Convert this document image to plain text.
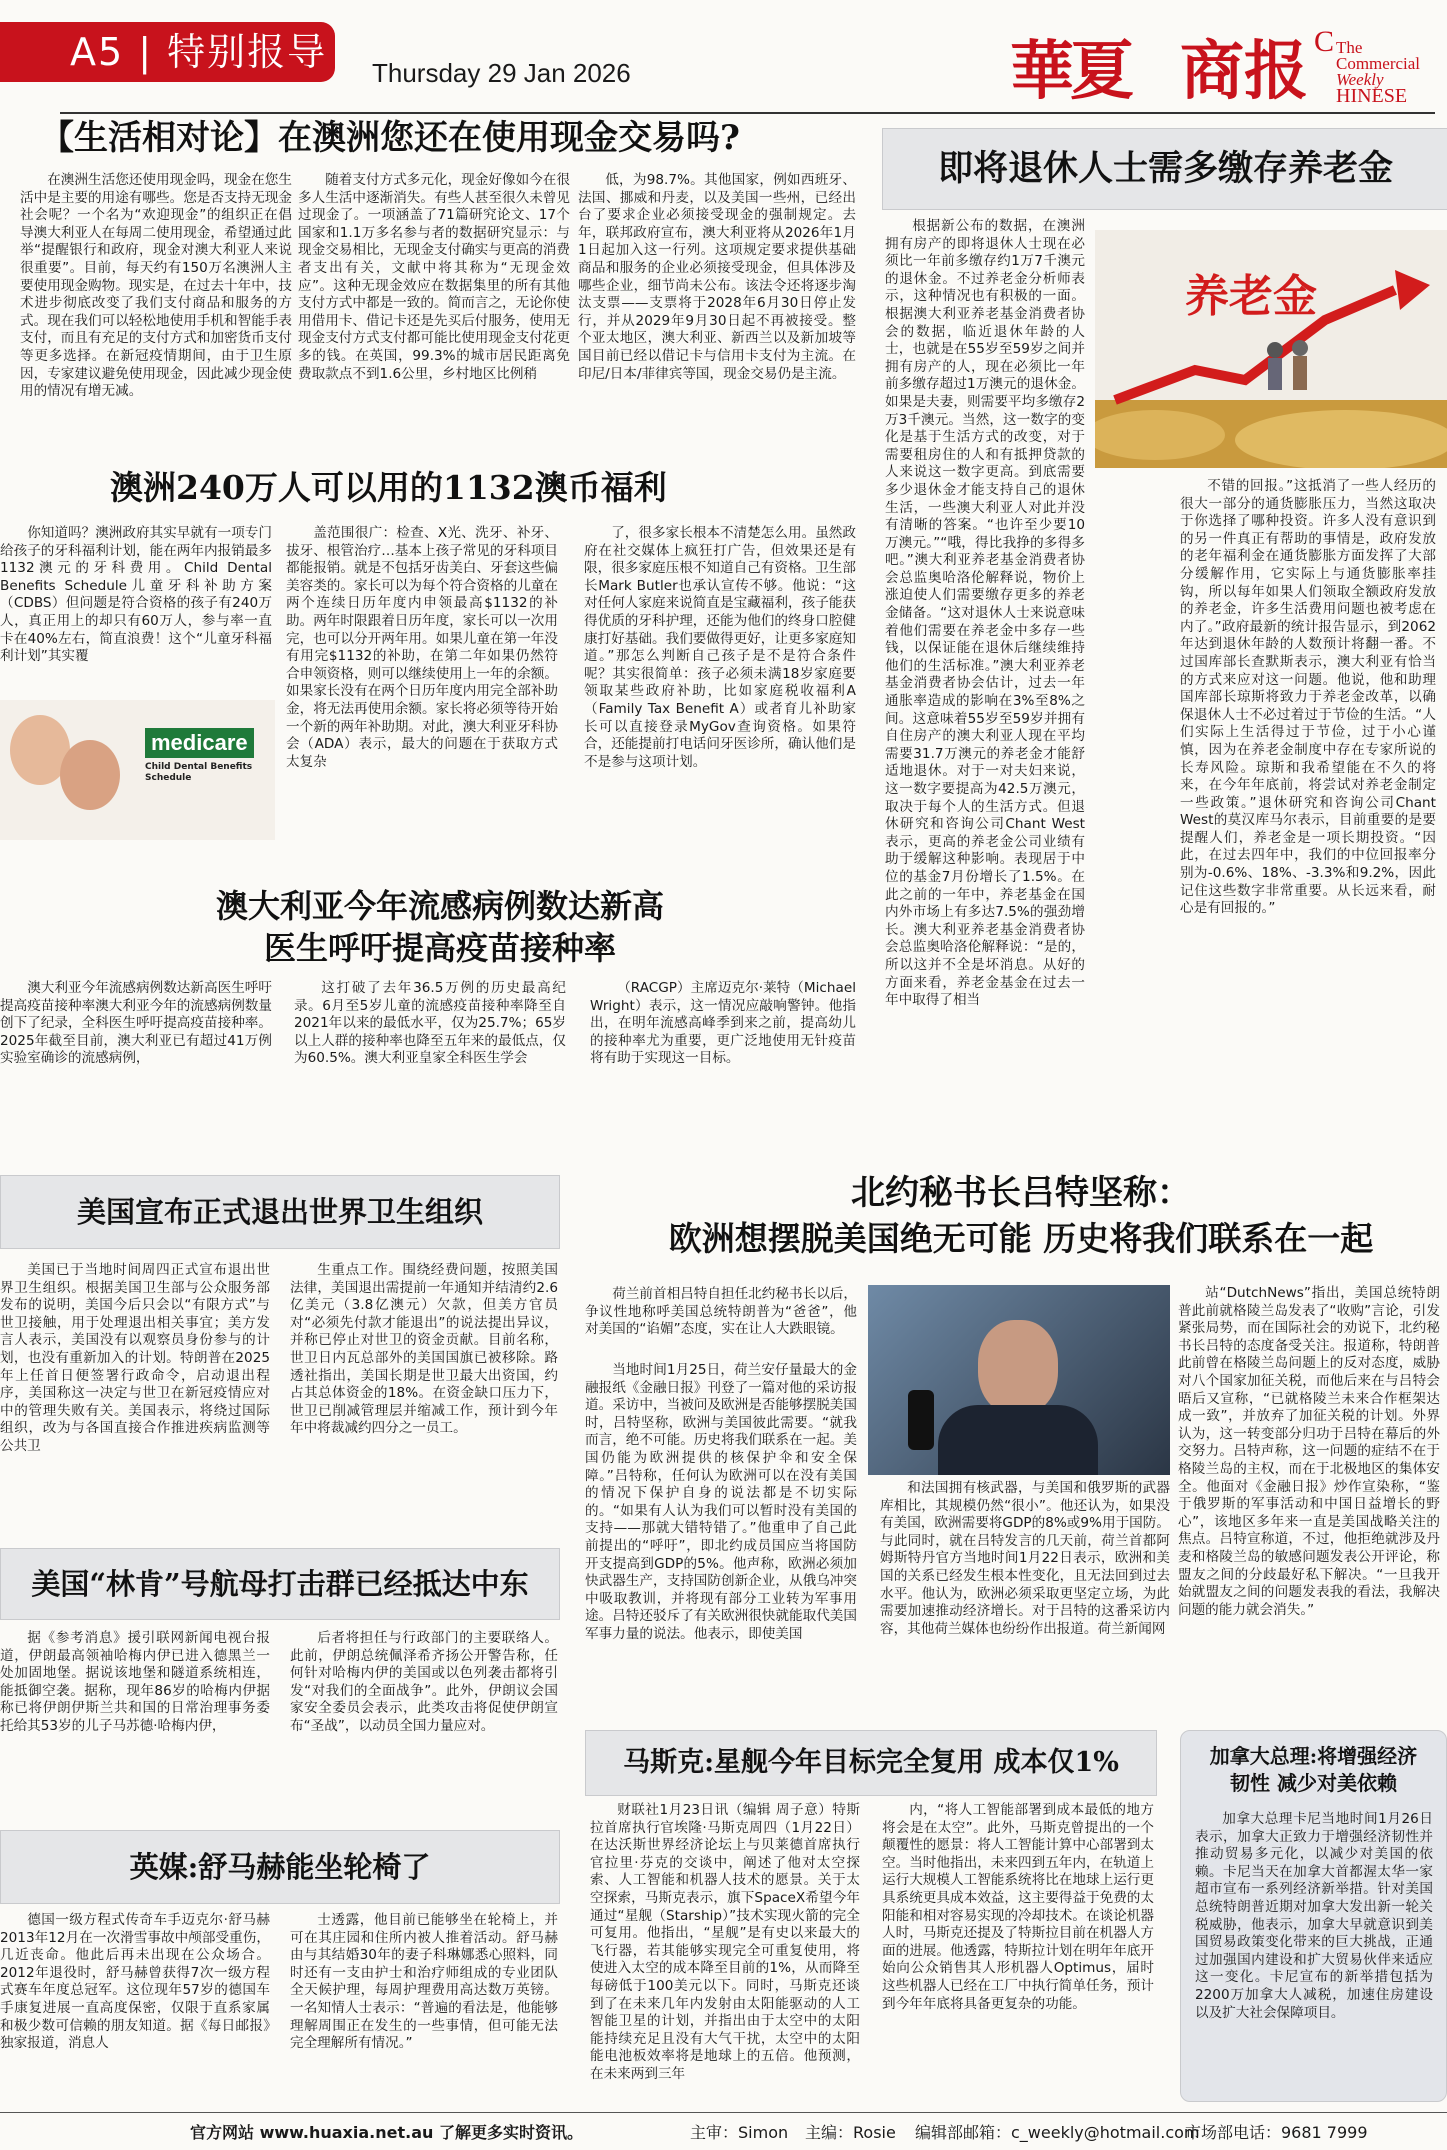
A5 | 特别报导	Thursday 29 Jan 2026	華夏 商报 C The Commercial
Weekly
HINESE
【生活相对论】在澳洲您还在使用现金交易吗?

在澳洲生活您还使用现金吗，现金在您生活中是主要的用途有哪些。您是否支持无现金社会呢？一个名为“欢迎现金”的组织正在倡导澳大利亚人在每周二使用现金，希望通过此举“提醒银行和政府，现金对澳大利亚人来说很重要”。目前，每天约有150万名澳洲人主要使用现金购物。现实是，在过去十年中，技术进步彻底改变了我们支付商品和服务的方式。现在我们可以轻松地使用手机和智能手表支付，而且有充足的支付方式和加密货币支付等更多选择。在新冠疫情期间，由于卫生原因，专家建议避免使用现金，因此减少现金使用的情况有增无减。

随着支付方式多元化，现金好像如今在很多人生活中逐渐消失。有些人甚至很久未曾见过现金了。一项涵盖了71篇研究论文、17个国家和1.1万多名参与者的数据研究显示：与现金交易相比，无现金支付确实与更高的消费者支出有关，文献中将其称为“无现金效应”。这种无现金效应在数据集里的所有其他支付方式中都是一致的。简而言之，无论你使用借用卡、借记卡还是先买后付服务，使用无现金支付方式支付都可能比使用现金支付花更多的钱。在英国，99.3%的城市居民距离免费取款点不到1.6公里，乡村地区比例稍

低，为98.7%。其他国家，例如西班牙、法国、挪威和丹麦，以及美国一些州，已经出台了要求企业必须接受现金的强制规定。去年，联邦政府宣布，澳大利亚将从2026年1月1日起加入这一行列。这项规定要求提供基础商品和服务的企业必须接受现金，但具体涉及哪些企业，细节尚未公布。该法令还将逐步淘汰支票——支票将于2028年6月30日停止发行，并从2029年9月30日起不再被接受。整个亚太地区，澳大利亚、新西兰以及新加坡等国目前已经以借记卡与信用卡支付为主流。在印尼/日本/菲律宾等国，现金交易仍是主流。

即将退休人士需多缴存养老金
养老金

根据新公布的数据，在澳洲拥有房产的即将退休人士现在必须比一年前多缴存约1万7千澳元的退休金。不过养老金分析师表示，这种情况也有积极的一面。根据澳大利亚养老基金消费者协会的数据，临近退休年龄的人士，也就是在55岁至59岁之间并拥有房产的人，现在必须比一年前多缴存超过1万澳元的退休金。如果是夫妻，则需要平均多缴存2万3千澳元。当然，这一数字的变化是基于生活方式的改变，对于需要租房住的人和有抵押贷款的人来说这一数字更高。到底需要多少退休金才能支持自己的退休生活，一些澳大利亚人对此并没有清晰的答案。“也许至少要10万澳元。”“哦，得比我挣的多得多吧。”澳大利亚养老基金消费者协会总监奥哈洛伦解释说，物价上涨迫使人们需要缴存更多的养老金储备。“这对退休人士来说意味着他们需要在养老金中多存一些钱，以保证能在退休后继续维持他们的生活标准。”澳大利亚养老基金消费者协会估计，过去一年通胀率造成的影响在3%至8%之间。这意味着55岁至59岁并拥有自住房产的澳大利亚人现在平均需要31.7万澳元的养老金才能舒适地退休。对于一对夫妇来说，这一数字要提高为42.5万澳元，取决于每个人的生活方式。但退休研究和咨询公司Chant West表示，更高的养老金公司业绩有助于缓解这种影响。表现居于中位的基金7月份增长了1.5%。在此之前的一年中，养老基金在国内外市场上有多达7.5%的强劲增长。澳大利亚养老基金消费者协会总监奥哈洛伦解释说：“是的，所以这并不全是坏消息。从好的方面来看，养老金基金在过去一年中取得了相当

不错的回报。”这抵消了一些人经历的很大一部分的通货膨胀压力，当然这取决于你选择了哪种投资。许多人没有意识到的另一件真正有帮助的事情是，政府发放的老年福利金在通货膨胀方面发挥了大部分缓解作用，它实际上与通货膨胀率挂钩，所以每年如果人们领取全额政府发放的养老金，许多生活费用问题也被考虑在内了。”政府最新的统计报告显示，到2062年达到退休年龄的人数预计将翻一番。不过国库部长查默斯表示，澳大利亚有恰当的方式来应对这一问题。他说，他和助理国库部长琼斯将致力于养老金改革，以确保退休人士不必过着过于节俭的生活。“人们实际上生活得过于节俭，过于小心谨慎，因为在养老金制度中存在专家所说的长寿风险。琼斯和我希望能在不久的将来，在今年年底前，将尝试对养老金制定一些政策。”退休研究和咨询公司Chant West的莫汉库马尔表示，目前重要的是要提醒人们，养老金是一项长期投资。“因此，在过去四年中，我们的中位回报率分别为-0.6%、18%、-3.3%和9.2%，因此记住这些数字非常重要。从长远来看，耐心是有回报的。”

澳洲240万人可以用的1132澳币福利

你知道吗？澳洲政府其实早就有一项专门给孩子的牙科福利计划，能在两年内报销最多1132澳元的牙科费用。Child Dental Benefits Schedule儿童牙科补助方案（CDBS）但问题是符合资格的孩子有240万人，真正用上的却只有60万人，参与率一直卡在40%左右，简直浪费！这个“儿童牙科福利计划”其实覆

medicare
Child Dental Benefits Schedule

盖范围很广：检查、X光、洗牙、补牙、拔牙、根管治疗…基本上孩子常见的牙科项目都能报销。就是不包括牙齿美白、牙套这些偏美容类的。家长可以为每个符合资格的儿童在两个连续日历年度内申领最高$1132的补助。两年时限跟着日历年度，家长可以一次用完，也可以分开两年用。如果儿童在第一年没有用完$1132的补助，在第二年如果仍然符合申领资格，则可以继续使用上一年的余额。如果家长没有在两个日历年度内用完全部补助金，将无法再使用余额。家长将必须等待开始一个新的两年补助期。对此，澳大利亚牙科协会（ADA）表示，最大的问题在于获取方式太复杂

了，很多家长根本不清楚怎么用。虽然政府在社交媒体上疯狂打广告，但效果还是有限，很多家庭压根不知道自己有资格。卫生部长Mark Butler也承认宣传不够。他说：“这对任何人家庭来说简直是宝藏福利，孩子能获得优质的牙科护理，还能为他们的终身口腔健康打好基础。我们要做得更好，让更多家庭知道。”那怎么判断自己孩子是不是符合条件呢？其实很简单：孩子必须未满18岁家庭要领取某些政府补助，比如家庭税收福利A（Family Tax Benefit A）或者育儿补助家长可以直接登录MyGov查询资格。如果符合，还能提前打电话问牙医诊所，确认他们是不是参与这项计划。

澳大利亚今年流感病例数达新高
医生呼吁提高疫苗接种率

澳大利亚今年流感病例数达新高医生呼吁提高疫苗接种率澳大利亚今年的流感病例数量创下了纪录，全科医生呼吁提高疫苗接种率。2025年截至目前，澳大利亚已有超过41万例实验室确诊的流感病例，

这打破了去年36.5万例的历史最高纪录。6月至5岁儿童的流感疫苗接种率降至自2021年以来的最低水平，仅为25.7%；65岁以上人群的接种率也降至五年来的最低点，仅为60.5%。澳大利亚皇家全科医生学会

（RACGP）主席迈克尔·莱特（Michael Wright）表示，这一情况应敲响警钟。他指出，在明年流感高峰季到来之前，提高幼儿的接种率尤为重要，更广泛地使用无针疫苗将有助于实现这一目标。

美国宣布正式退出世界卫生组织

美国已于当地时间周四正式宣布退出世界卫生组织。根据美国卫生部与公众服务部发布的说明，美国今后只会以“有限方式”与世卫接触，用于处理退出相关事宜；美方发言人表示，美国没有以观察员身份参与的计划，也没有重新加入的计划。特朗普在2025年上任首日便签署行政命令，启动退出程序，美国称这一决定与世卫在新冠疫情应对中的管理失败有关。美国表示，将绕过国际组织，改为与各国直接合作推进疾病监测等公共卫

生重点工作。围绕经费问题，按照美国法律，美国退出需提前一年通知并结清约2.6亿美元（3.8亿澳元）欠款，但美方官员对“必须先付款才能退出”的说法提出异议，并称已停止对世卫的资金贡献。目前名称，世卫日内瓦总部外的美国国旗已被移除。路透社指出，美国长期是世卫最大出资国，约占其总体资金的18%。在资金缺口压力下，世卫已削减管理层并缩减工作，预计到今年年中将裁减约四分之一员工。

美国“林肯”号航母打击群已经抵达中东

据《参考消息》援引联网新闻电视台报道，伊朗最高领袖哈梅内伊已进入德黑兰一处加固地堡。据说该地堡和隧道系统相连，能抵御空袭。据称，现年86岁的哈梅内伊据称已将伊朗伊斯兰共和国的日常治理事务委托给其53岁的儿子马苏德·哈梅内伊，

后者将担任与行政部门的主要联络人。此前，伊朗总统佩泽希齐扬公开警告称，任何针对哈梅内伊的美国或以色列袭击都将引发“对我们的全面战争”。此外，伊朗议会国家安全委员会表示，此类攻击将促使伊朗宣布“圣战”，以动员全国力量应对。

英媒:舒马赫能坐轮椅了

德国一级方程式传奇车手迈克尔·舒马赫2013年12月在一次滑雪事故中颅部受重伤，几近丧命。他此后再未出现在公众场合。2012年退役时，舒马赫曾获得7次一级方程式赛车年度总冠军。这位现年57岁的德国车手康复进展一直高度保密，仅限于直系家属和极少数可信赖的朋友知道。据《每日邮报》独家报道，消息人

士透露，他目前已能够坐在轮椅上，并可在其庄园和住所内被人推着活动。舒马赫由与其结婚30年的妻子科琳娜悉心照料，同时还有一支由护士和治疗师组成的专业团队全天候护理，每周护理费用高达数万英镑。一名知情人士表示：“普遍的看法是，他能够理解周围正在发生的一些事情，但可能无法完全理解所有情况。”

北约秘书长吕特坚称：
欧洲想摆脱美国绝无可能 历史将我们联系在一起

荷兰前首相吕特自担任北约秘书长以后，争议性地称呼美国总统特朗普为“爸爸”，他对美国的“谄媚”态度，实在让人大跌眼镜。

当地时间1月25日，荷兰安仔量最大的金融报纸《金融日报》刊登了一篇对他的采访报道。采访中，当被问及欧洲是否能够摆脱美国时，吕特坚称，欧洲与美国彼此需要。“就我而言，绝不可能。历史将我们联系在一起。美国仍能为欧洲提供的核保护伞和安全保障。”吕特称，任何认为欧洲可以在没有美国的情况下保护自身的说法都是不切实际的。“如果有人认为我们可以暂时没有美国的支持——那就大错特错了。”他重申了自己此前提出的“呼吁”，即北约成员国应当将国防开支提高到GDP的5%。他声称，欧洲必须加快武器生产，支持国防创新企业，从俄乌冲突中吸取教训，并将现有部分工业转为军事用途。吕特还驳斥了有关欧洲很快就能取代美国军事力量的说法。他表示，即使美国

和法国拥有核武器，与美国和俄罗斯的武器库相比，其规模仍然“很小”。他还认为，如果没有美国，欧洲需要将GDP的8%或9%用于国防。与此同时，就在吕特发言的几天前，荷兰首都阿姆斯特丹官方当地时间1月22日表示，欧洲和美国的关系已经发生根本性变化，且无法回到过去水平。他认为，欧洲必须采取更坚定立场，为此需要加速推动经济增长。对于吕特的这番采访内容，其他荷兰媒体也纷纷作出报道。荷兰新闻网

站“DutchNews”指出，美国总统特朗普此前就格陵兰岛发表了“收购”言论，引发紧张局势，而在国际社会的劝说下，北约秘书长吕特的态度备受关注。报道称，特朗普此前曾在格陵兰岛问题上的反对态度，威胁对八个国家加征关税，而他后来在与吕特会晤后又宣称，“已就格陵兰未来合作框架达成一致”，并放弃了加征关税的计划。外界认为，这一转变部分归功于吕特在幕后的外交努力。吕特声称，这一问题的症结不在于格陵兰岛的主权，而在于北极地区的集体安全。他面对《金融日报》炒作宣染称，“鉴于俄罗斯的军事活动和中国日益增长的野心”，该地区多年来一直是美国战略关注的焦点。吕特宣称道，不过，他拒绝就涉及丹麦和格陵兰岛的敏感问题发表公开评论，称盟友之间的分歧最好私下解决。“一旦我开始就盟友之间的问题发表我的看法，我解决问题的能力就会消失。”

马斯克:星舰今年目标完全复用 成本仅1%

财联社1月23日讯（编辑 周子意）特斯拉首席执行官埃隆·马斯克周四（1月22日）在达沃斯世界经济论坛上与贝莱德首席执行官拉里·芬克的交谈中，阐述了他对太空探索、人工智能和机器人技术的愿景。关于太空探索，马斯克表示，旗下SpaceX希望今年通过“星舰（Starship）”技术实现火箭的完全可复用。他指出，“星舰”是有史以来最大的飞行器，若其能够实现完全可重复使用，将使进入太空的成本降至目前的1%，从而降至每磅低于100美元以下。同时，马斯克还谈到了在未来几年内发射由太阳能驱动的人工智能卫星的计划，并指出由于太空中的太阳能持续充足且没有大气干扰，太空中的太阳能电池板效率将是地球上的五倍。他预测，在未来两到三年

内，“将人工智能部署到成本最低的地方将会是在太空”。此外，马斯克曾提出的一个颠覆性的愿景：将人工智能计算中心部署到太空。当时他指出，未来四到五年内，在轨道上运行大规模人工智能系统将比在地球上运行更具系统更具成本效益，这主要得益于免费的太阳能和相对容易实现的冷却技术。在谈论机器人时，马斯克还提及了特斯拉目前在机器人方面的进展。他透露，特斯拉计划在明年年底开始向公众销售其人形机器人Optimus，届时这些机器人已经在工厂中执行简单任务，预计到今年年底将具备更复杂的功能。

加拿大总理:将增强经济
韧性 减少对美依赖

加拿大总理卡尼当地时间1月26日表示，加拿大正致力于增强经济韧性并推动贸易多元化，以减少对美国的依赖。卡尼当天在加拿大首都渥太华一家超市宣布一系列经济新举措。针对美国总统特朗普近期对加拿大发出新一轮关税威胁，他表示，加拿大早就意识到美国贸易政策变化带来的巨大挑战，正通过加强国内建设和扩大贸易伙伴来适应这一变化。卡尼宣布的新举措包括为2200万加拿大人减税，加速住房建设以及扩大社会保障项目。

官方网站 www.huaxia.net.au 了解更多实时资讯。	主审：Simon 主编：Rosie 编辑部邮箱：c_weekly@hotmail.com
市场部电话：9681 7999
